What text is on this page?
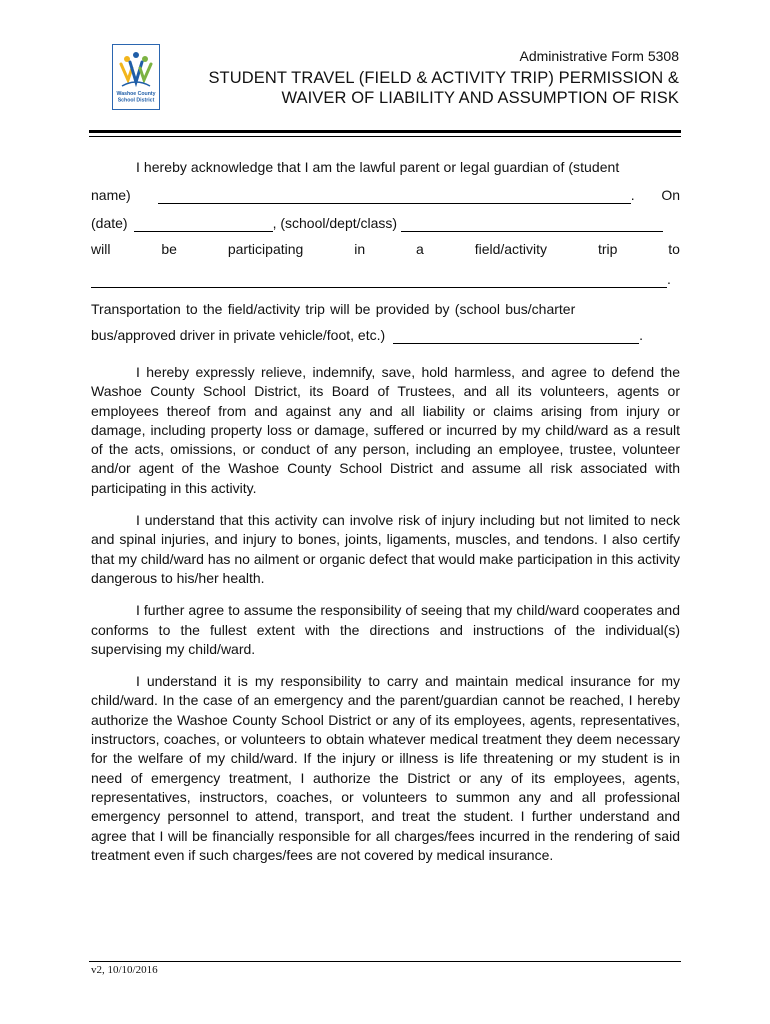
Washoe County
School District
Administrative Form 5308
STUDENT TRAVEL (FIELD & ACTIVITY TRIP) PERMISSION &
WAIVER OF LIABILITY AND ASSUMPTION OF RISK
I hereby acknowledge that I am the lawful parent or legal guardian of (student
name)	. On
(date)	, (school/dept/class)
will	be	participating	in	a	field/activity	trip	to
.
Transportation to the field/activity trip will be provided by (school bus/charter
bus/approved driver in private vehicle/foot, etc.)	.

I hereby expressly relieve, indemnify, save, hold harmless, and agree to defend the Washoe County School District, its Board of Trustees, and all its volunteers, agents or employees thereof from and against any and all liability or claims arising from injury or damage, including property loss or damage, suffered or incurred by my child/ward as a result of the acts, omissions, or conduct of any person, including an employee, trustee, volunteer and/or agent of the Washoe County School District and assume all risk associated with participating in this activity.

I understand that this activity can involve risk of injury including but not limited to neck and spinal injuries, and injury to bones, joints, ligaments, muscles, and tendons. I also certify that my child/ward has no ailment or organic defect that would make participation in this activity dangerous to his/her health.

I further agree to assume the responsibility of seeing that my child/ward cooperates and conforms to the fullest extent with the directions and instructions of the individual(s) supervising my child/ward.

I understand it is my responsibility to carry and maintain medical insurance for my child/ward. In the case of an emergency and the parent/guardian cannot be reached, I hereby authorize the Washoe County School District or any of its employees, agents, representatives, instructors, coaches, or volunteers to obtain whatever medical treatment they deem necessary for the welfare of my child/ward. If the injury or illness is life threatening or my student is in need of emergency treatment, I authorize the District or any of its employees, agents, representatives, instructors, coaches, or volunteers to summon any and all professional emergency personnel to attend, transport, and treat the student. I further understand and agree that I will be financially responsible for all charges/fees incurred in the rendering of said treatment even if such charges/fees are not covered by medical insurance.

v2, 10/10/2016
